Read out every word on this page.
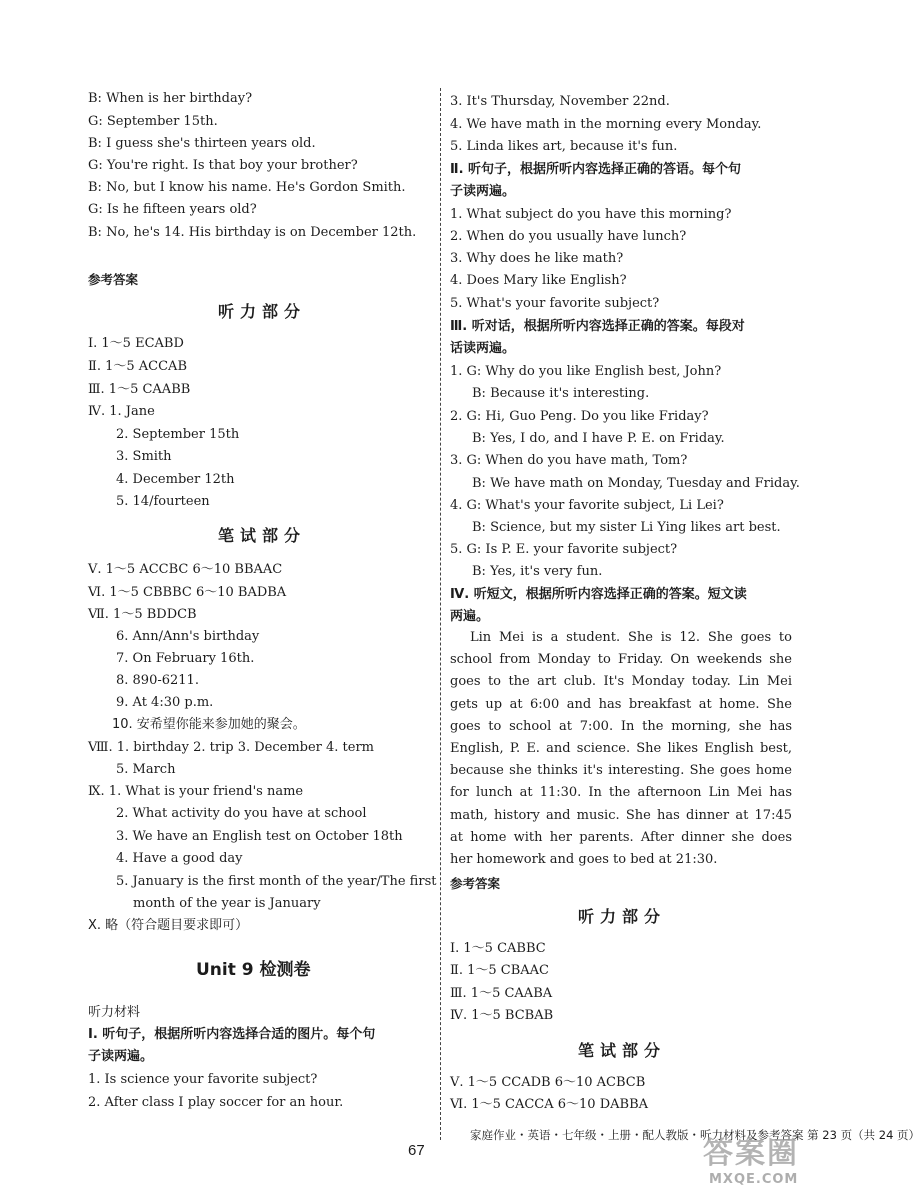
B: When is her birthday?
G: September 15th.
B: I guess she's thirteen years old.
G: You're right. Is that boy your brother?
B: No, but I know his name. He's Gordon Smith.
G: Is he fifteen years old?
B: No, he's 14. His birthday is on December 12th.
参考答案
听力部分
Ⅰ. 1～5 ECABD
Ⅱ. 1～5 ACCAB
Ⅲ. 1～5 CAABB
Ⅳ. 1. Jane
2. September 15th
3. Smith
4. December 12th
5. 14/fourteen
笔试部分
Ⅴ. 1～5 ACCBC 6～10 BBAAC
Ⅵ. 1～5 CBBBC 6～10 BADBA
Ⅶ. 1～5 BDDCB
6. Ann/Ann's birthday
7. On February 16th.
8. 890-6211.
9. At 4:30 p.m.
10. 安希望你能来参加她的聚会。
Ⅷ. 1. birthday 2. trip 3. December 4. term
5. March
Ⅸ. 1. What is your friend's name
2. What activity do you have at school
3. We have an English test on October 18th
4. Have a good day
5. January is the first month of the year/The first
month of the year is January
Ⅹ. 略（符合题目要求即可）
Unit 9 检测卷
听力材料
Ⅰ. 听句子，根据所听内容选择合适的图片。每个句
子读两遍。
1. Is science your favorite subject?
2. After class I play soccer for an hour.
3. It's Thursday, November 22nd.
4. We have math in the morning every Monday.
5. Linda likes art, because it's fun.
Ⅱ. 听句子，根据所听内容选择正确的答语。每个句
子读两遍。
1. What subject do you have this morning?
2. When do you usually have lunch?
3. Why does he like math?
4. Does Mary like English?
5. What's your favorite subject?
Ⅲ. 听对话，根据所听内容选择正确的答案。每段对
话读两遍。
1. G: Why do you like English best, John?
B: Because it's interesting.
2. G: Hi, Guo Peng. Do you like Friday?
B: Yes, I do, and I have P. E. on Friday.
3. G: When do you have math, Tom?
B: We have math on Monday, Tuesday and Friday.
4. G: What's your favorite subject, Li Lei?
B: Science, but my sister Li Ying likes art best.
5. G: Is P. E. your favorite subject?
B: Yes, it's very fun.
Ⅳ. 听短文，根据所听内容选择正确的答案。短文读
两遍。
Lin Mei is a student. She is 12. She goes to school from Monday to Friday. On weekends she goes to the art club. It's Monday today. Lin Mei gets up at 6:00 and has breakfast at home. She goes to school at 7:00. In the morning, she has English, P. E. and science. She likes English best, because she thinks it's interesting. She goes home for lunch at 11:30. In the afternoon Lin Mei has math, history and music. She has dinner at 17:45 at home with her parents. After dinner she does her homework and goes to bed at 21:30.
参考答案
听力部分
Ⅰ. 1～5 CABBC
Ⅱ. 1～5 CBAAC
Ⅲ. 1～5 CAABA
Ⅳ. 1～5 BCBAB
笔试部分
Ⅴ. 1～5 CCADB 6～10 ACBCB
Ⅵ. 1～5 CACCA 6～10 DABBA
家庭作业・英语・七年级・上册・配人教版・听力材料及参考答案 第 23 页（共 24 页）
67	答案圈
MXQE.COM
